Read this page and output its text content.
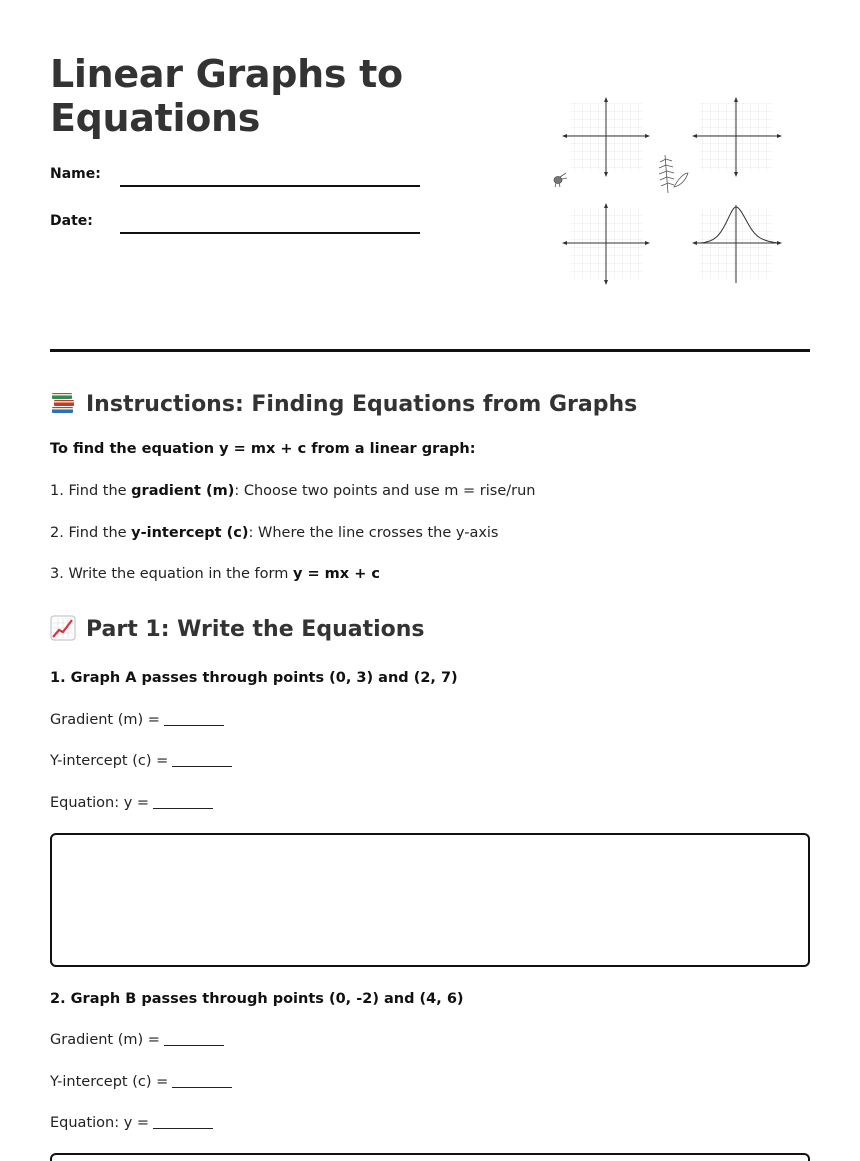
Linear Graphs to
Equations
Name:
Date:
Instructions: Finding Equations from Graphs
To find the equation y = mx + c from a linear graph:
1. Find the gradient (m): Choose two points and use m = rise/run
2. Find the y-intercept (c): Where the line crosses the y-axis
3. Write the equation in the form y = mx + c
Part 1: Write the Equations
1. Graph A passes through points (0, 3) and (2, 7)
Gradient (m) =
Y-intercept (c) =
Equation: y =
2. Graph B passes through points (0, -2) and (4, 6)
Gradient (m) =
Y-intercept (c) =
Equation: y =
